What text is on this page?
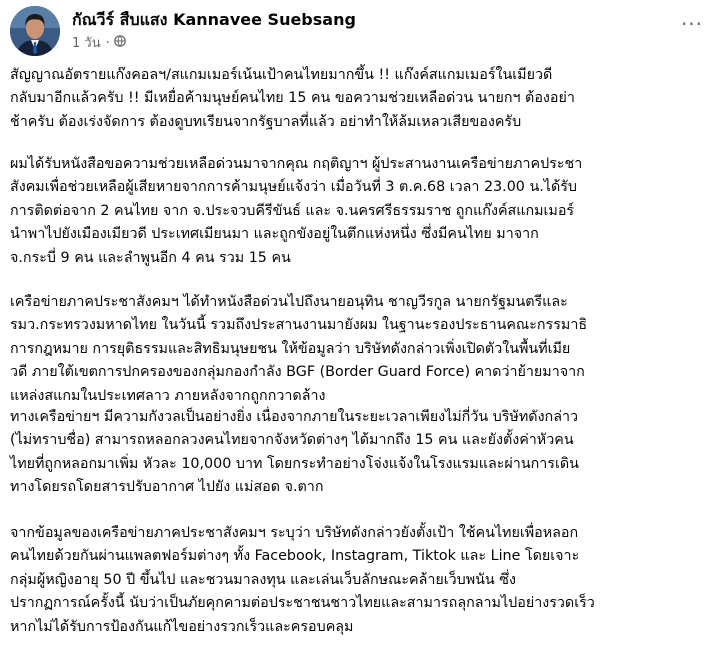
กัณวีร์ สืบแสง Kannavee Suebsang
1 วัน ·
···

สัญญาณอัตรายแก๊งคอลฯ/สแกมเมอร์เน้นเป้าคนไทยมากขึ้น !! แก๊งค์สแกมเมอร์ในเมียวดี
กลับมาอีกแล้วครับ !! มีเหยื่อค้ามนุษย์คนไทย 15 คน ขอความช่วยเหลือด่วน นายกฯ ต้องอย่า
ช้าครับ ต้องเร่งจัดการ ต้องดูบทเรียนจากรัฐบาลที่แล้ว อย่าทำให้ล้มเหลวเสียของครับ

ผมได้รับหนังสือขอความช่วยเหลือด่วนมาจากคุณ กฤติญาฯ ผู้ประสานงานเครือข่ายภาคประชา
สังคมเพื่อช่วยเหลือผู้เสียหายจากการค้ามนุษย์แจ้งว่า เมื่อวันที่ 3 ต.ค.68 เวลา 23.00 น.ได้รับ
การติดต่อจาก 2 คนไทย จาก จ.ประจวบคีรีขันธ์ และ จ.นครศรีธรรมราช ถูกแก๊งค์สแกมเมอร์
นำพาไปยังเมืองเมียวดี ประเทศเมียนมา และถูกขังอยู่ในตึกแห่งหนึ่ง ซึ่งมีคนไทย มาจาก
จ.กระบี่ 9 คน และลำพูนอีก 4 คน รวม 15 คน

เครือข่ายภาคประชาสังคมฯ ได้ทำหนังสือด่วนไปถึงนายอนุทิน ชาญวีรกูล นายกรัฐมนตรีและ
รมว.กระทรวงมหาดไทย ในวันนี้ รวมถึงประสานงานมายังผม ในฐานะรองประธานคณะกรรมาธิ
การกฎหมาย การยุติธรรมและสิทธิมนุษยชน ให้ข้อมูลว่า บริษัทดังกล่าวเพิ่งเปิดตัวในพื้นที่เมีย
วดี ภายใต้เขตการปกครองของกลุ่มกองกำลัง BGF (Border Guard Force) คาดว่าย้ายมาจาก
แหล่งสแกมในประเทศลาว ภายหลังจากถูกกวาดล้าง

ทางเครือข่ายฯ มีความกังวลเป็นอย่างยิ่ง เนื่องจากภายในระยะเวลาเพียงไม่กี่วัน บริษัทดังกล่าว
(ไม่ทราบชื่อ) สามารถหลอกลวงคนไทยจากจังหวัดต่างๆ ได้มากถึง 15 คน และยังตั้งค่าหัวคน
ไทยที่ถูกหลอกมาเพิ่ม หัวละ 10,000 บาท โดยกระทำอย่างโจ่งแจ้งในโรงแรมและผ่านการเดิน
ทางโดยรถโดยสารปรับอากาศ ไปยัง แม่สอด จ.ตาก

จากข้อมูลของเครือข่ายภาคประชาสังคมฯ ระบุว่า บริษัทดังกล่าวยังตั้งเป้า ใช้คนไทยเพื่อหลอก
คนไทยด้วยกันผ่านแพลตฟอร์มต่างๆ ทั้ง Facebook, Instagram, Tiktok และ Line โดยเจาะ
กลุ่มผู้หญิงอายุ 50 ปี ขึ้นไป และชวนมาลงทุน และเล่นเว็บลักษณะคล้ายเว็บพนัน ซึ่ง
ปรากฏการณ์ครั้งนี้ นับว่าเป็นภัยคุกคามต่อประชาชนชาวไทยและสามารถลุกลามไปอย่างรวดเร็ว
หากไม่ได้รับการป้องกันแก้ไขอย่างรวกเร็วและครอบคลุม
